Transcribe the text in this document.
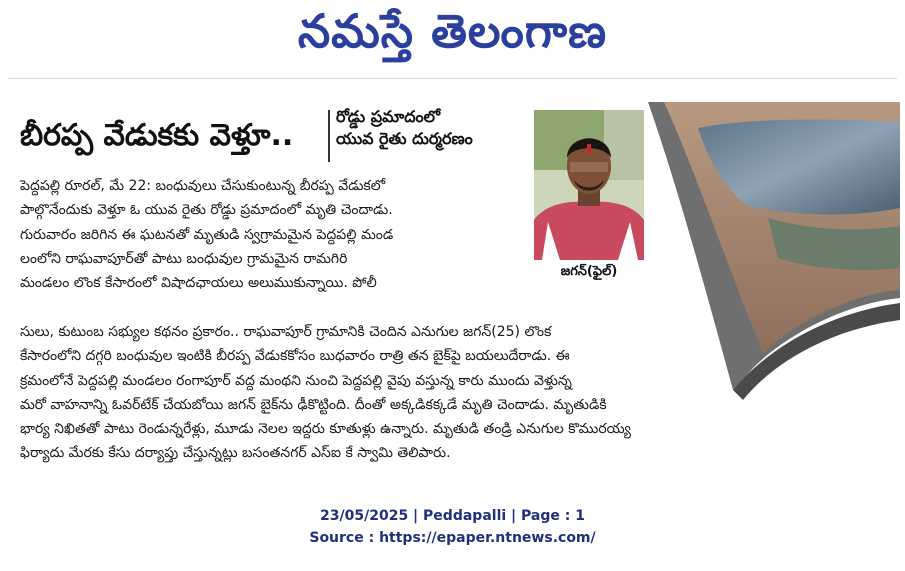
నమస్తే తెలంగాణ
బీరప్ప వేడుకకు వెళ్తూ..
రోడ్డు ప్రమాదంలో
యువ రైతు దుర్మరణం
జగన్(ఫైల్)
పెద్దపల్లి రూరల్, మే 22: బంధువులు చేసుకుంటున్న బీరప్ప వేడుకలో
పాల్గొనేందుకు వెళ్తూ ఓ యువ రైతు రోడ్డు ప్రమాదంలో మృతి చెందాడు.
గురువారం జరిగిన ఈ ఘటనతో మృతుడి స్వగ్రామమైన పెద్దపల్లి మండ
లంలోని రాఘవాపూర్‌తో పాటు బంధువుల గ్రామమైన రామగిరి
మండలం లొంక కేసారంలో విషాదఛాయలు అలుముకున్నాయి. పోలీ
సులు, కుటుంబ సభ్యుల కథనం ప్రకారం.. రాఘవాపూర్ గ్రామానికి చెందిన ఎనుగుల జగన్(25) లొంక
కేసారంలోని దగ్గరి బంధువుల ఇంటికి బీరప్ప వేడుకకోసం బుధవారం రాత్రి తన బైక్‌పై బయలుదేరాడు. ఈ
క్రమంలోనే పెద్దపల్లి మండలం రంగాపూర్ వద్ద మంథని నుంచి పెద్దపల్లి వైపు వస్తున్న కారు ముందు వెళ్తున్న
మరో వాహనాన్ని ఓవర్‌టేక్ చేయబోయి జగన్ బైక్‌ను ఢీకొట్టింది. దీంతో అక్కడికక్కడే మృతి చెందాడు. మృతుడికి
భార్య నిఖితతో పాటు రెండున్నరేళ్లు, మూడు నెలల ఇద్దరు కూతుళ్లు ఉన్నారు. మృతుడి తండ్రి ఎనుగుల కొమురయ్య
ఫిర్యాదు మేరకు కేసు దర్యాప్తు చేస్తున్నట్లు బసంతనగర్ ఎస్‌ఐ కే స్వామి తెలిపారు.
23/05/2025 | Peddapalli | Page : 1
Source : https://epaper.ntnews.com/
